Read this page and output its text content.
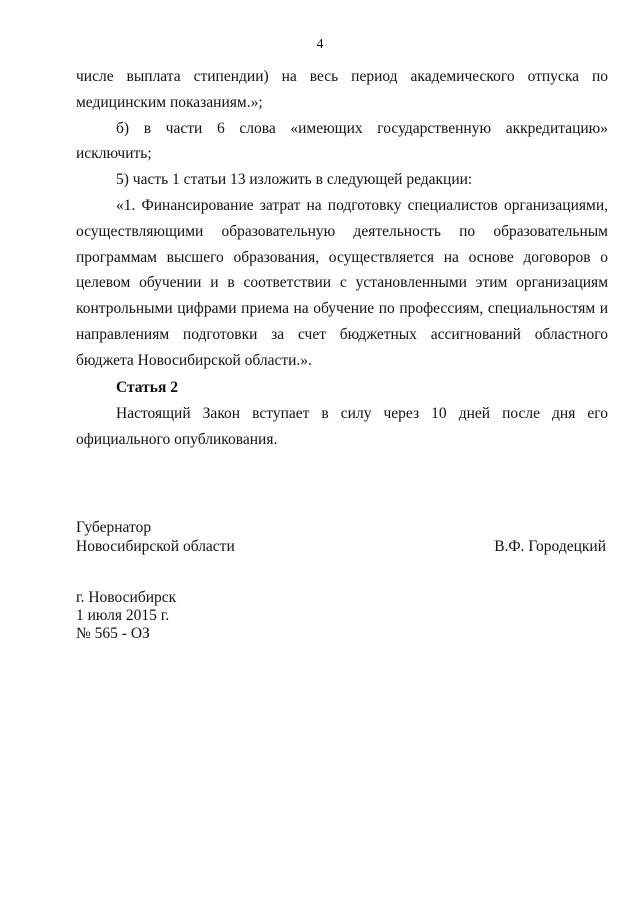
4

числе выплата стипендии) на весь период академического отпуска по медицинским показаниям.»;

б) в части 6 слова «имеющих государственную аккредитацию» исключить;

5) часть 1 статьи 13 изложить в следующей редакции:

«1. Финансирование затрат на подготовку специалистов организациями, осуществляющими образовательную деятельность по образовательным программам высшего образования, осуществляется на основе договоров о целевом обучении и в соответствии с установленными этим организациям контрольными цифрами приема на обучение по профессиям, специальностям и направлениям подготовки за счет бюджетных ассигнований областного бюджета Новосибирской области.».

Статья 2

Настоящий Закон вступает в силу через 10 дней после дня его официального опубликования.

Губернатор
Новосибирской области	В.Ф. Городецкий
г. Новосибирск
1 июля 2015 г.
№ 565 - ОЗ
